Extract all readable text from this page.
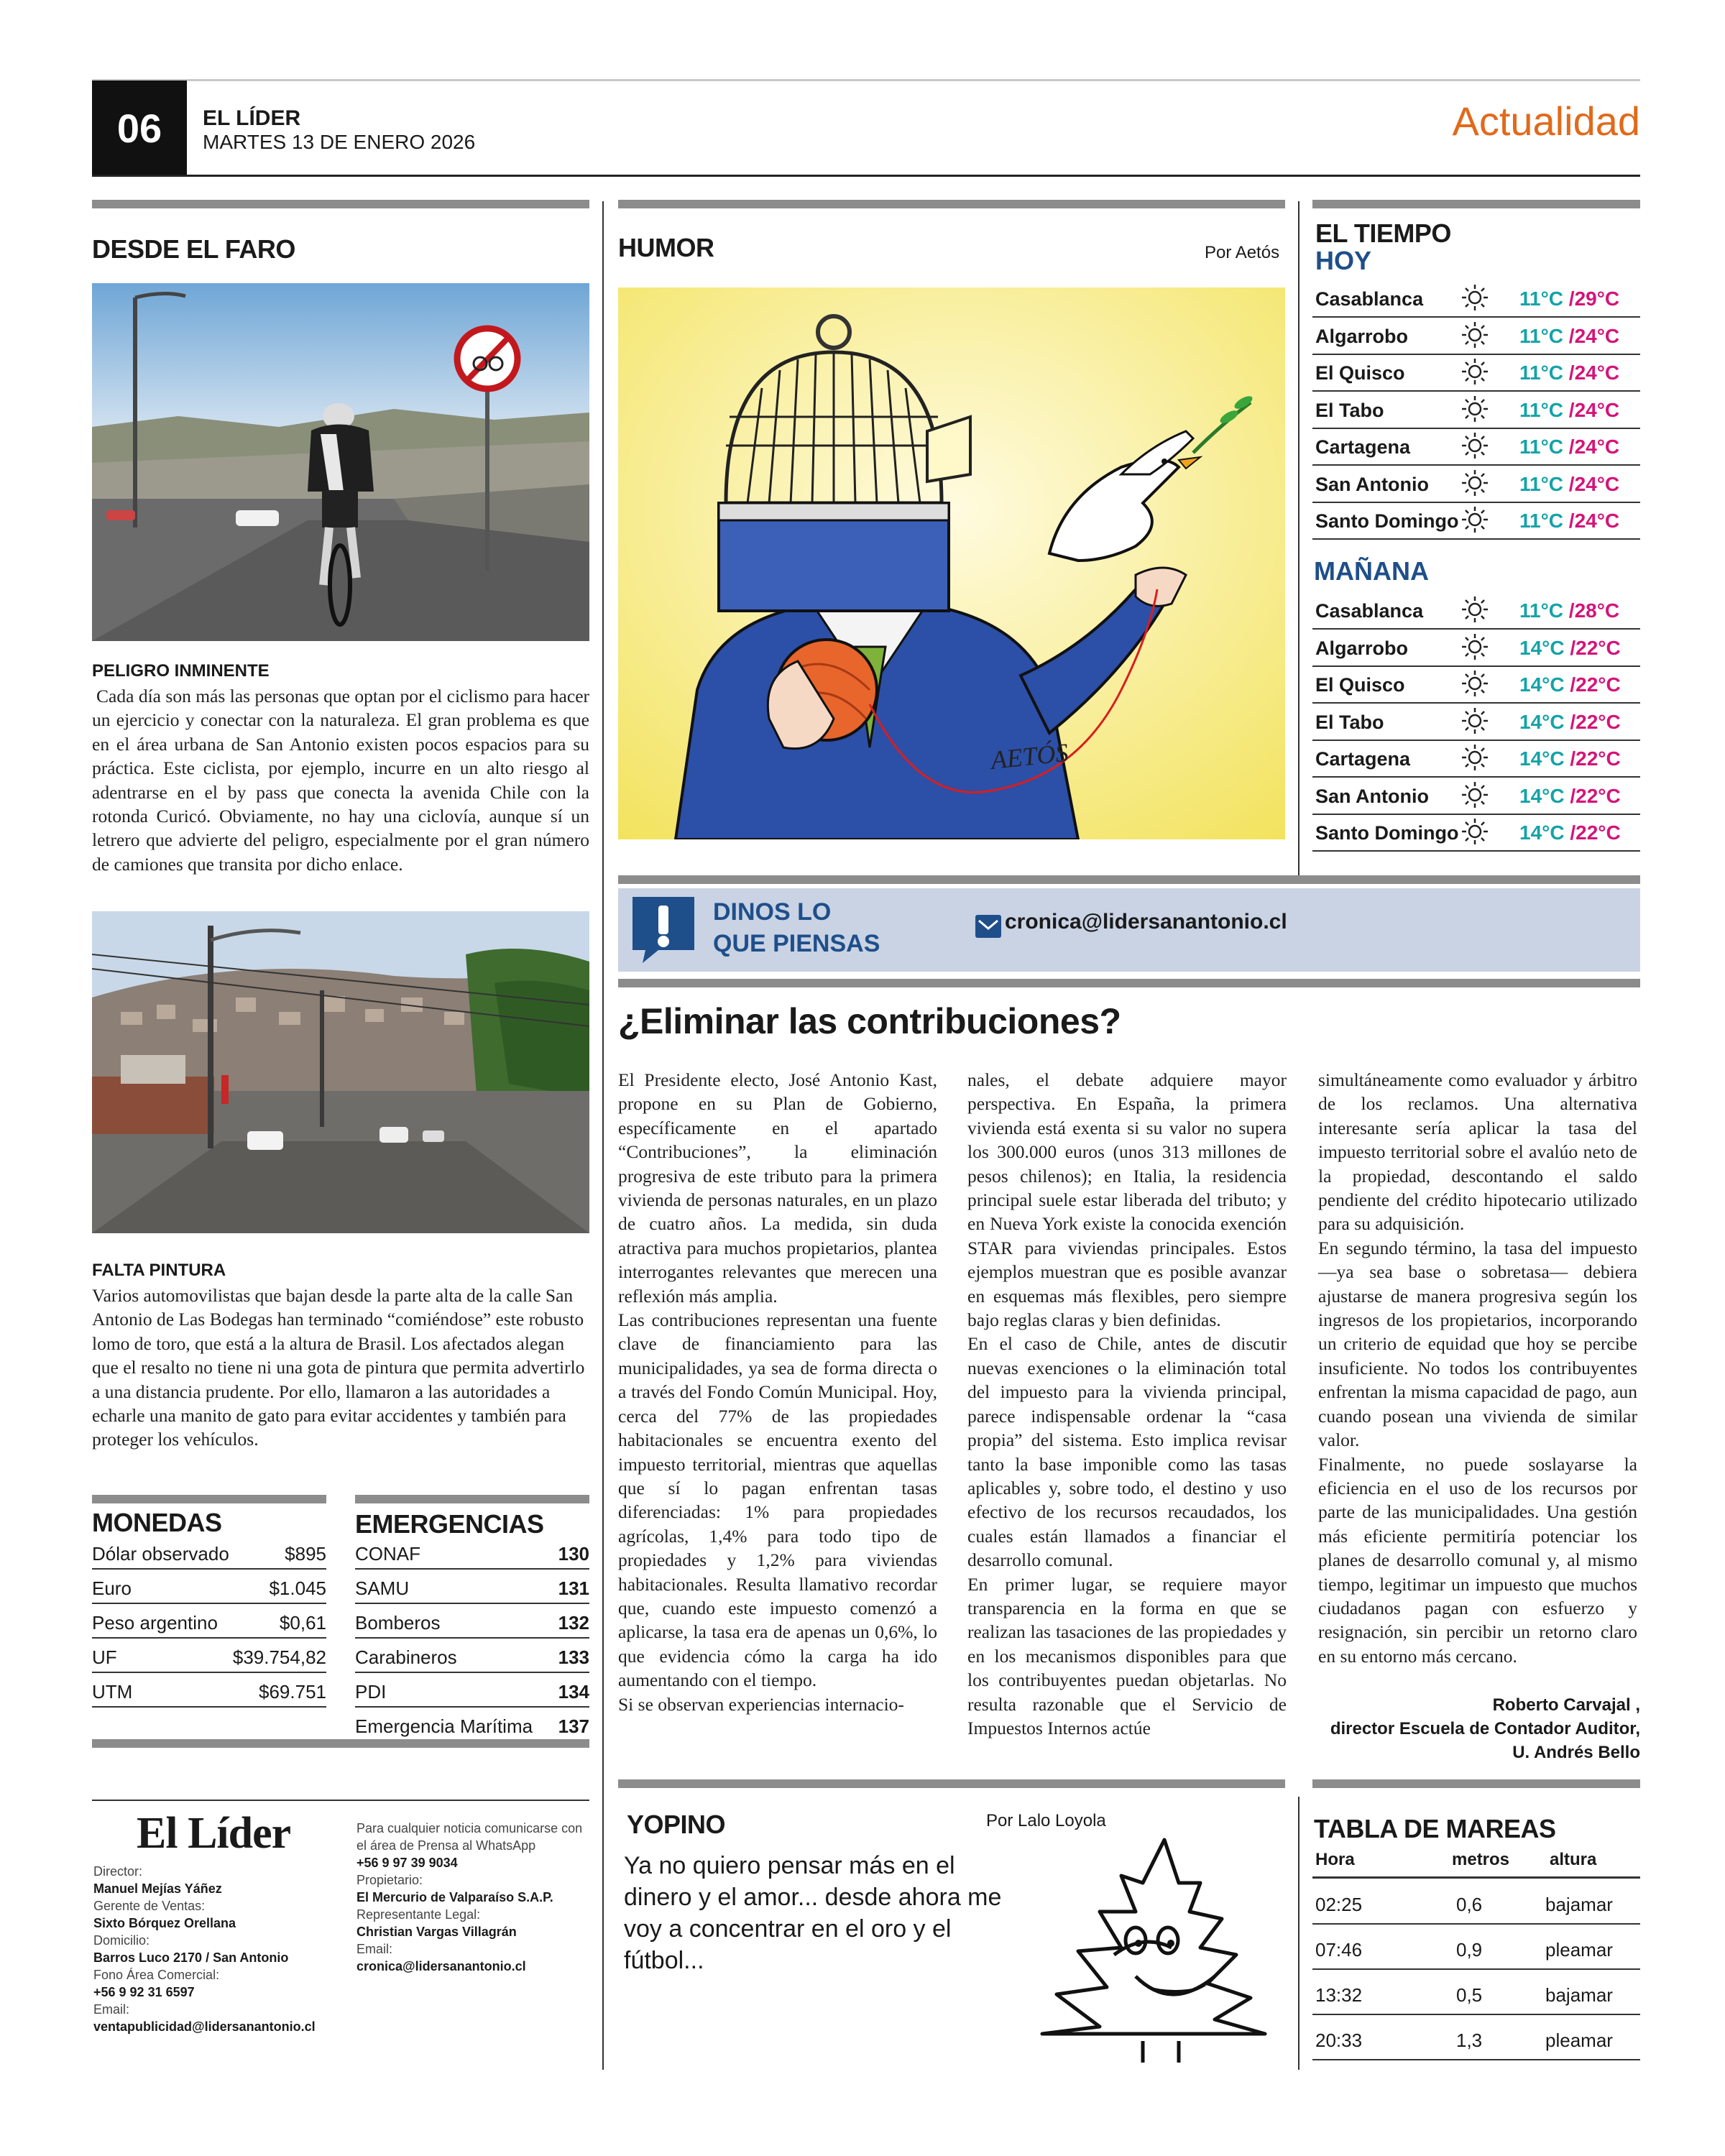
06	EL LÍDER
MARTES 13 DE ENERO 2026	Actualidad
DESDE EL FARO
PELIGRO INMINENTE
Cada día son más las personas que optan por el ciclismo para hacer un ejercicio y conectar con la naturaleza. El gran problema es que en el área urbana de San Antonio existen pocos espacios para su práctica. Este ciclista, por ejemplo, incurre en un alto riesgo al adentrarse en el by pass que conecta la avenida Chile con la rotonda Curicó. Obviamente, no hay una ciclovía, aunque sí un letrero que advierte del peligro, especialmente por el gran número de camiones que transita por dicho enlace.
FALTA PINTURA
Varios automovilistas que bajan desde la parte alta de la calle San Antonio de Las Bodegas han terminado “comiéndose” este robusto lomo de toro, que está a la altura de Brasil. Los afectados alegan que el resalto no tiene ni una gota de pintura que permita advertirlo a una distancia prudente. Por ello, llamaron a las autoridades a echarle una manito de gato para evitar accidentes y también para proteger los vehículos.
MONEDAS
Dólar observado	$895
Euro	$1.045
Peso argentino	$0,61
UF	$39.754,82
UTM	$69.751
EMERGENCIAS
CONAF	130
SAMU	131
Bomberos	132
Carabineros	133
PDI	134
Emergencia Marítima 137
El Líder
Director:
Manuel Mejías Yáñez
Gerente de Ventas:
Sixto Bórquez Orellana
Domicilio:
Barros Luco 2170 / San Antonio
Fono Área Comercial:
+56 9 92 31 6597
Email:
ventapublicidad@lidersanantonio.cl
Para cualquier noticia comunicarse con el área de Prensa al WhatsApp
+56 9 97 39 9034
Propietario:
El Mercurio de Valparaíso S.A.P.
Representante Legal:
Christian Vargas Villagrán
Email:
cronica@lidersanantonio.cl
HUMOR	Por Aetós
AETÓS
EL TIEMPO
HOY
Casablanca	11°C /29°C
Algarrobo	11°C /24°C
El Quisco	11°C /24°C
El Tabo	11°C /24°C
Cartagena	11°C /24°C
San Antonio	11°C /24°C
Santo Domingo	11°C /24°C
MAÑANA
Casablanca	11°C /28°C
Algarrobo	14°C /22°C
El Quisco	14°C /22°C
El Tabo	14°C /22°C
Cartagena	14°C /22°C
San Antonio	14°C /22°C
Santo Domingo	14°C /22°C
DINOS LO
QUE PIENSAS
cronica@lidersanantonio.cl
¿Eliminar las contribuciones?

El Presidente electo, José Antonio Kast, propone en su Plan de Gobierno, específicamente en el apartado “Contribuciones”, la eliminación progresiva de este tributo para la primera vivienda de personas naturales, en un plazo de cuatro años. La medida, sin duda atractiva para muchos propietarios, plantea interrogantes relevantes que merecen una reflexión más amplia.

Las contribuciones representan una fuente clave de financiamiento para las municipalidades, ya sea de forma directa o a través del Fondo Común Municipal. Hoy, cerca del 77% de las propiedades habitacionales se encuentra exento del impuesto territorial, mientras que aquellas que sí lo pagan enfrentan tasas diferenciadas: 1% para propiedades agrícolas, 1,4% para todo tipo de propiedades y 1,2% para viviendas habitacionales. Resulta llamativo recordar que, cuando este impuesto comenzó a aplicarse, la tasa era de apenas un 0,6%, lo que evidencia cómo la carga ha ido aumentando con el tiempo.

Si se observan experiencias internacio-

nales, el debate adquiere mayor perspectiva. En España, la primera vivienda está exenta si su valor no supera los 300.000 euros (unos 313 millones de pesos chilenos); en Italia, la residencia principal suele estar liberada del tributo; y en Nueva York existe la conocida exención STAR para viviendas principales. Estos ejemplos muestran que es posible avanzar en esquemas más flexibles, pero siempre bajo reglas claras y bien definidas.

En el caso de Chile, antes de discutir nuevas exenciones o la eliminación total del impuesto para la vivienda principal, parece indispensable ordenar la “casa propia” del sistema. Esto implica revisar tanto la base imponible como las tasas aplicables y, sobre todo, el destino y uso efectivo de los recursos recaudados, los cuales están llamados a financiar el desarrollo comunal.

En primer lugar, se requiere mayor transparencia en la forma en que se realizan las tasaciones de las propiedades y en los mecanismos disponibles para que los contribuyentes puedan objetarlas. No resulta razonable que el Servicio de Impuestos Internos actúe

simultáneamente como evaluador y árbitro de los reclamos. Una alternativa interesante sería aplicar la tasa del impuesto territorial sobre el avalúo neto de la propiedad, descontando el saldo pendiente del crédito hipotecario utilizado para su adquisición.

En segundo término, la tasa del impuesto —ya sea base o sobretasa— debiera ajustarse de manera progresiva según los ingresos de los propietarios, incorporando un criterio de equidad que hoy se percibe insuficiente. No todos los contribuyentes enfrentan la misma capacidad de pago, aun cuando posean una vivienda de similar valor.

Finalmente, no puede soslayarse la eficiencia en el uso de los recursos por parte de las municipalidades. Una gestión más eficiente permitiría potenciar los planes de desarrollo comunal y, al mismo tiempo, legitimar un impuesto que muchos ciudadanos pagan con esfuerzo y resignación, sin percibir un retorno claro en su entorno más cercano.

Roberto Carvajal ,
director Escuela de Contador Auditor,
U. Andrés Bello
YOPINO	Por Lalo Loyola
Ya no quiero pensar más en el dinero y el amor... desde ahora me voy a concentrar en el oro y el fútbol...
TABLA DE MAREAS
Hora	metros altura
02:25	0,6	bajamar
07:46	0,9	pleamar
13:32	0,5	bajamar
20:33	1,3	pleamar
